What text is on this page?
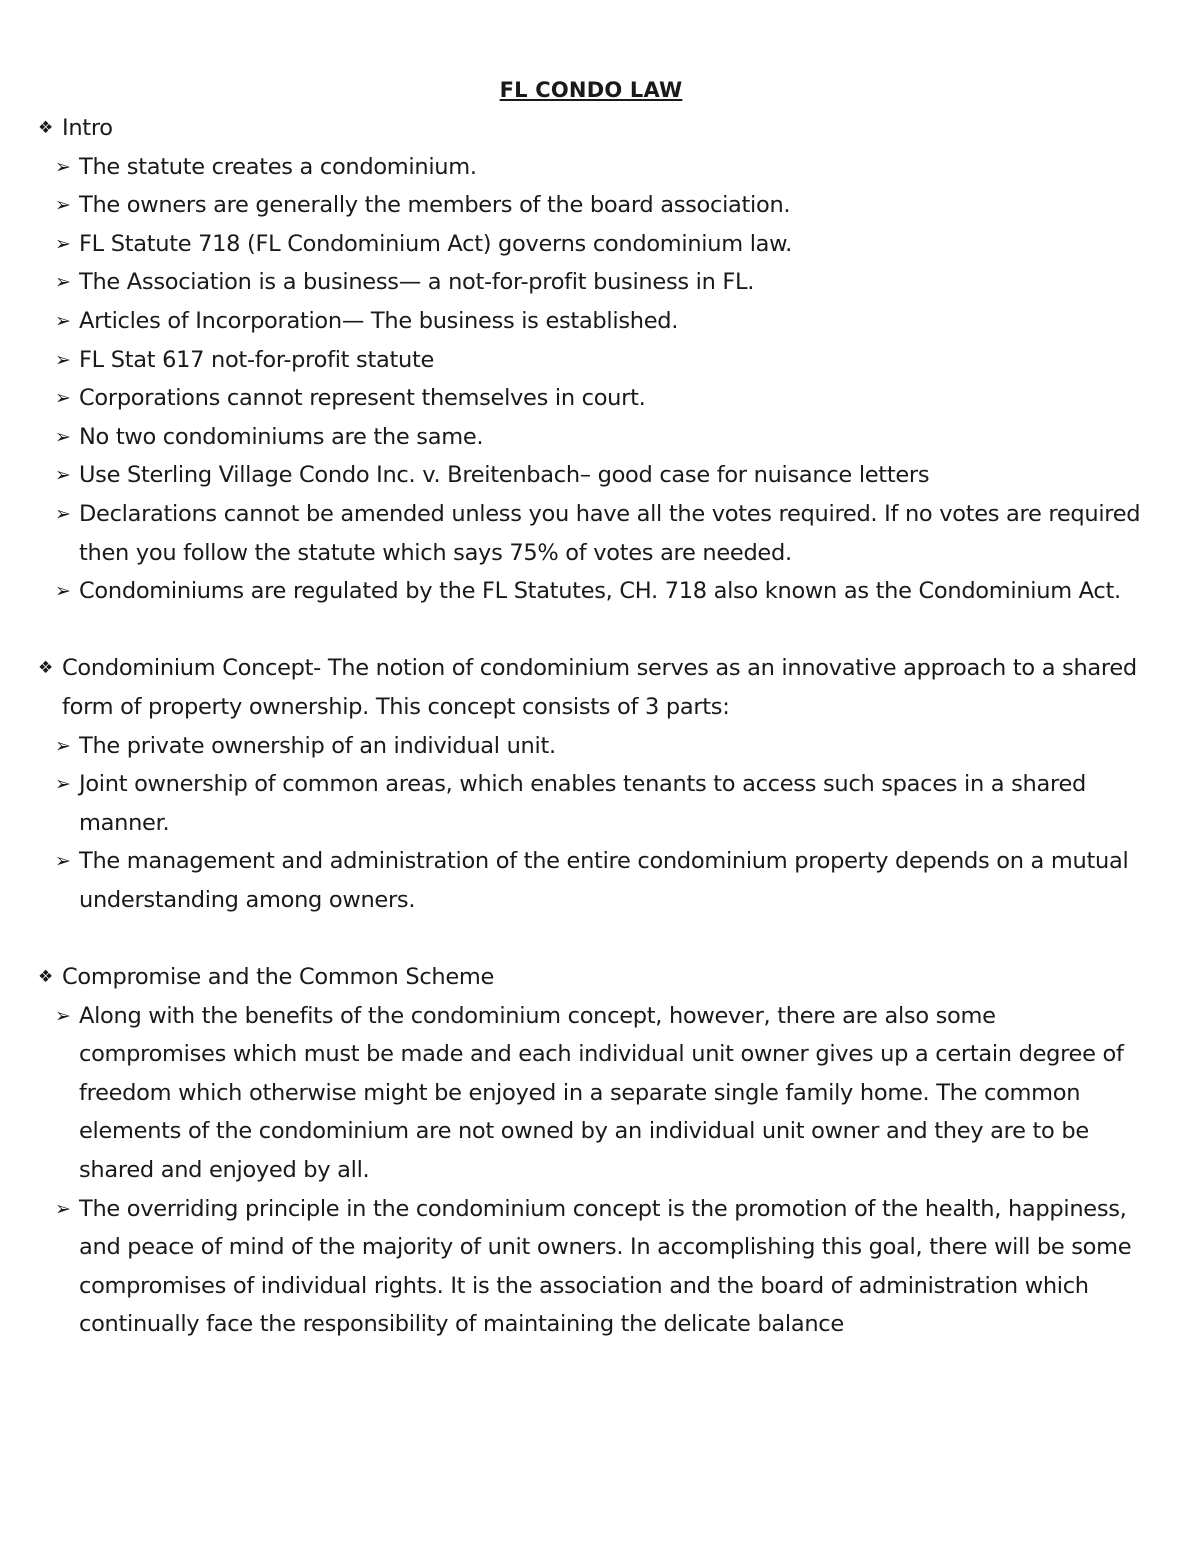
FL CONDO LAW
❖ Intro
➢ The statute creates a condominium.
➢ The owners are generally the members of the board association.
➢ FL Statute 718 (FL Condominium Act) governs condominium law.
➢ The Association is a business— a not-for-profit business in FL.
➢ Articles of Incorporation— The business is established.
➢ FL Stat 617 not-for-profit statute
➢ Corporations cannot represent themselves in court.
➢ No two condominiums are the same.
➢ Use Sterling Village Condo Inc. v. Breitenbach– good case for nuisance letters
➢ Declarations cannot be amended unless you have all the votes required. If no votes are required then you follow the statute which says 75% of votes are needed.
➢ Condominiums are regulated by the FL Statutes, CH. 718 also known as the Condominium Act.
❖ Condominium Concept- The notion of condominium serves as an innovative approach to a shared form of property ownership. This concept consists of 3 parts:
➢ The private ownership of an individual unit.
➢ Joint ownership of common areas, which enables tenants to access such spaces in a shared manner.
➢ The management and administration of the entire condominium property depends on a mutual understanding among owners.
❖ Compromise and the Common Scheme
➢ Along with the benefits of the condominium concept, however, there are also some compromises which must be made and each individual unit owner gives up a certain degree of freedom which otherwise might be enjoyed in a separate single family home. The common elements of the condominium are not owned by an individual unit owner and they are to be shared and enjoyed by all.
➢ The overriding principle in the condominium concept is the promotion of the health, happiness, and peace of mind of the majority of unit owners. In accomplishing this goal, there will be some compromises of individual rights. It is the association and the board of administration which continually face the responsibility of maintaining the delicate balance
